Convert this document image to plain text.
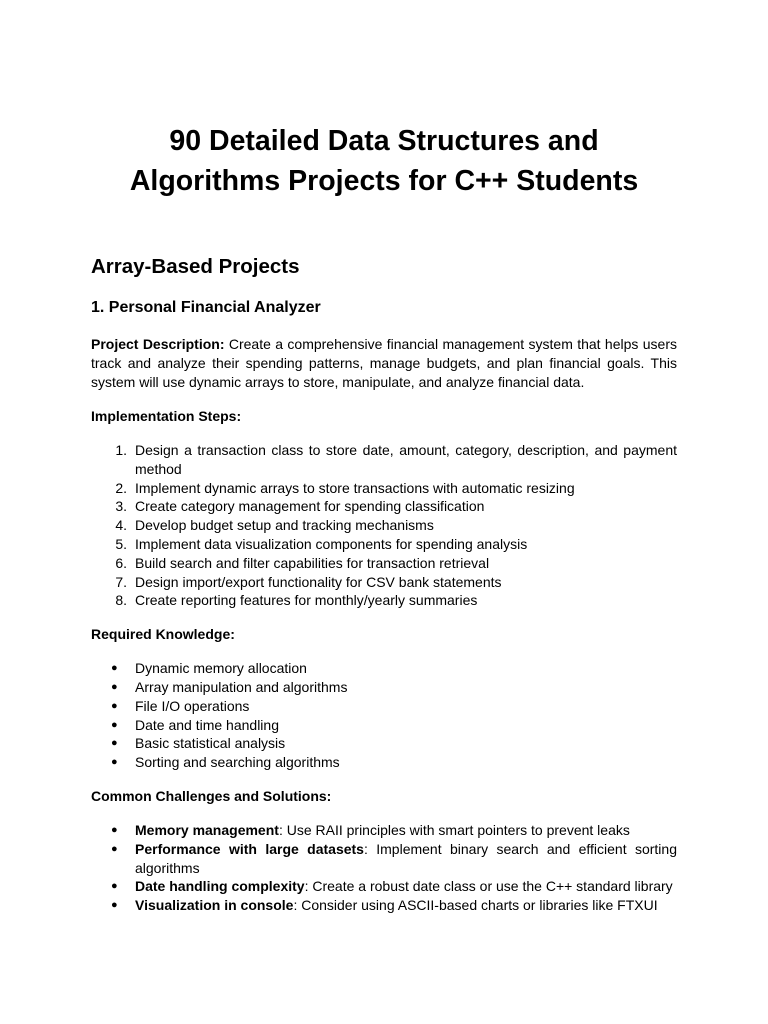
90 Detailed Data Structures and
Algorithms Projects for C++ Students
Array-Based Projects
1. Personal Financial Analyzer

Project Description: Create a comprehensive financial management system that helps users track and analyze their spending patterns, manage budgets, and plan financial goals. This system will use dynamic arrays to store, manipulate, and analyze financial data.

Implementation Steps:

1. Design a transaction class to store date, amount, category, description, and payment method
2. Implement dynamic arrays to store transactions with automatic resizing
3. Create category management for spending classification
4. Develop budget setup and tracking mechanisms
5. Implement data visualization components for spending analysis
6. Build search and filter capabilities for transaction retrieval
7. Design import/export functionality for CSV bank statements
8. Create reporting features for monthly/yearly summaries

Required Knowledge:

● Dynamic memory allocation
● Array manipulation and algorithms
● File I/O operations
● Date and time handling
● Basic statistical analysis
● Sorting and searching algorithms

Common Challenges and Solutions:

● Memory management: Use RAII principles with smart pointers to prevent leaks
● Performance with large datasets: Implement binary search and efficient sorting algorithms
● Date handling complexity: Create a robust date class or use the C++ standard library
● Visualization in console: Consider using ASCII-based charts or libraries like FTXUI
